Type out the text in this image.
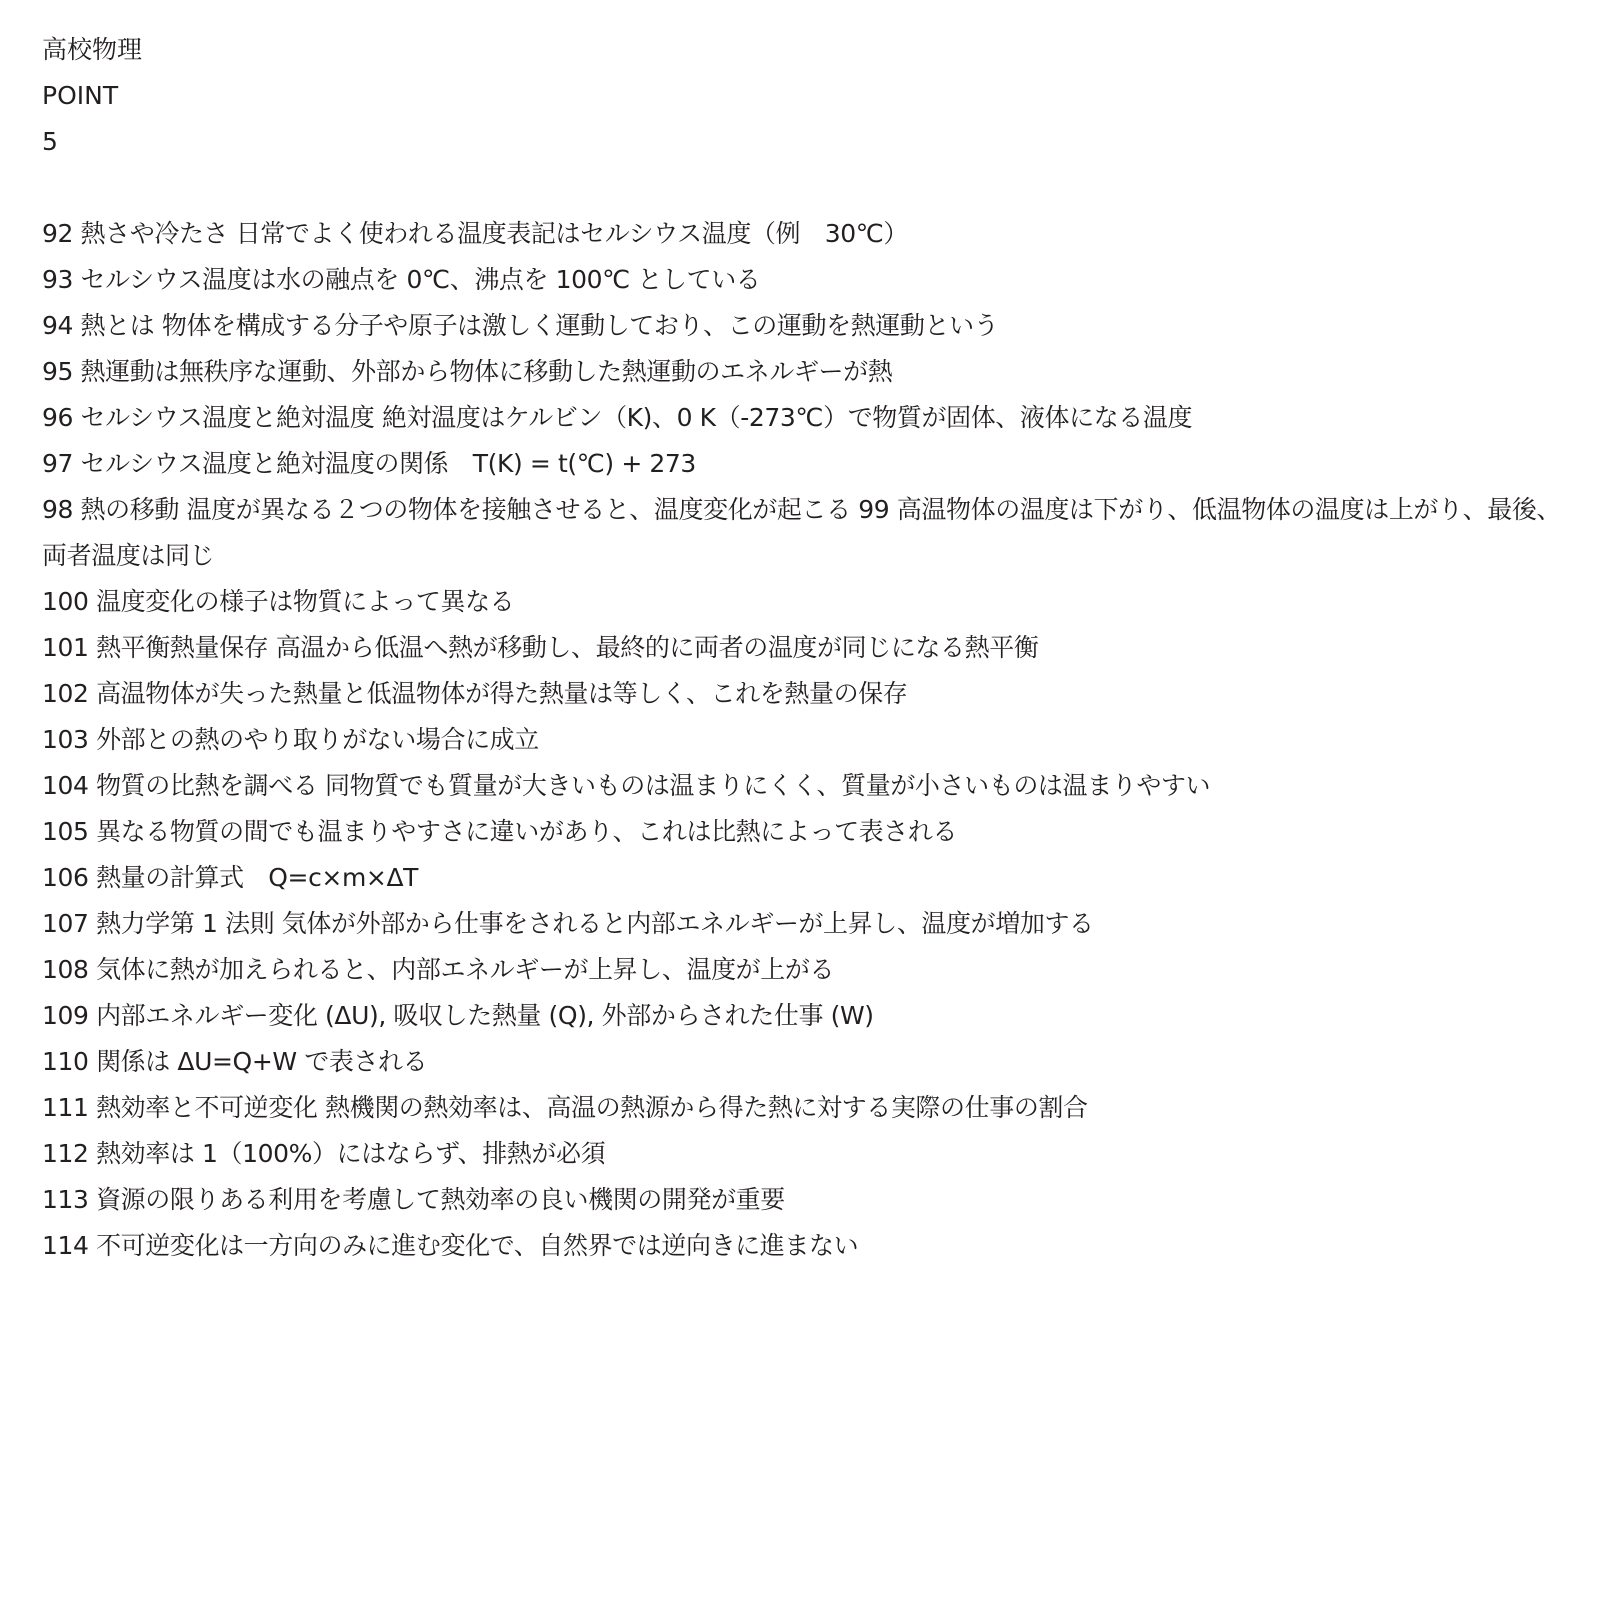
高校物理
POINT
5
92 熱さや冷たさ 日常でよく使われる温度表記はセルシウス温度（例　30℃）
93 セルシウス温度は水の融点を 0℃、沸点を 100℃ としている
94 熱とは 物体を構成する分子や原子は激しく運動しており、この運動を熱運動という
95 熱運動は無秩序な運動、外部から物体に移動した熱運動のエネルギーが熱
96 セルシウス温度と絶対温度 絶対温度はケルビン（K)、0 K（-273℃）で物質が固体、液体になる温度
97 セルシウス温度と絶対温度の関係　T(K) = t(℃) + 273
98 熱の移動 温度が異なる２つの物体を接触させると、温度変化が起こる 99 高温物体の温度は下がり、低温物体の温度は上がり、最後、両者温度は同じ
100 温度変化の様子は物質によって異なる
101 熱平衡熱量保存 高温から低温へ熱が移動し、最終的に両者の温度が同じになる熱平衡
102 高温物体が失った熱量と低温物体が得た熱量は等しく、これを熱量の保存
103 外部との熱のやり取りがない場合に成立
104 物質の比熱を調べる 同物質でも質量が大きいものは温まりにくく、質量が小さいものは温まりやすい
105 異なる物質の間でも温まりやすさに違いがあり、これは比熱によって表される
106 熱量の計算式　Q=c×m×ΔT
107 熱力学第 1 法則 気体が外部から仕事をされると内部エネルギーが上昇し、温度が増加する
108 気体に熱が加えられると、内部エネルギーが上昇し、温度が上がる
109 内部エネルギー変化 (ΔU), 吸収した熱量 (Q), 外部からされた仕事 (W)
110 関係は ΔU=Q+W で表される
111 熱効率と不可逆変化 熱機関の熱効率は、高温の熱源から得た熱に対する実際の仕事の割合
112 熱効率は 1（100%）にはならず、排熱が必須
113 資源の限りある利用を考慮して熱効率の良い機関の開発が重要
114 不可逆変化は一方向のみに進む変化で、自然界では逆向きに進まない
